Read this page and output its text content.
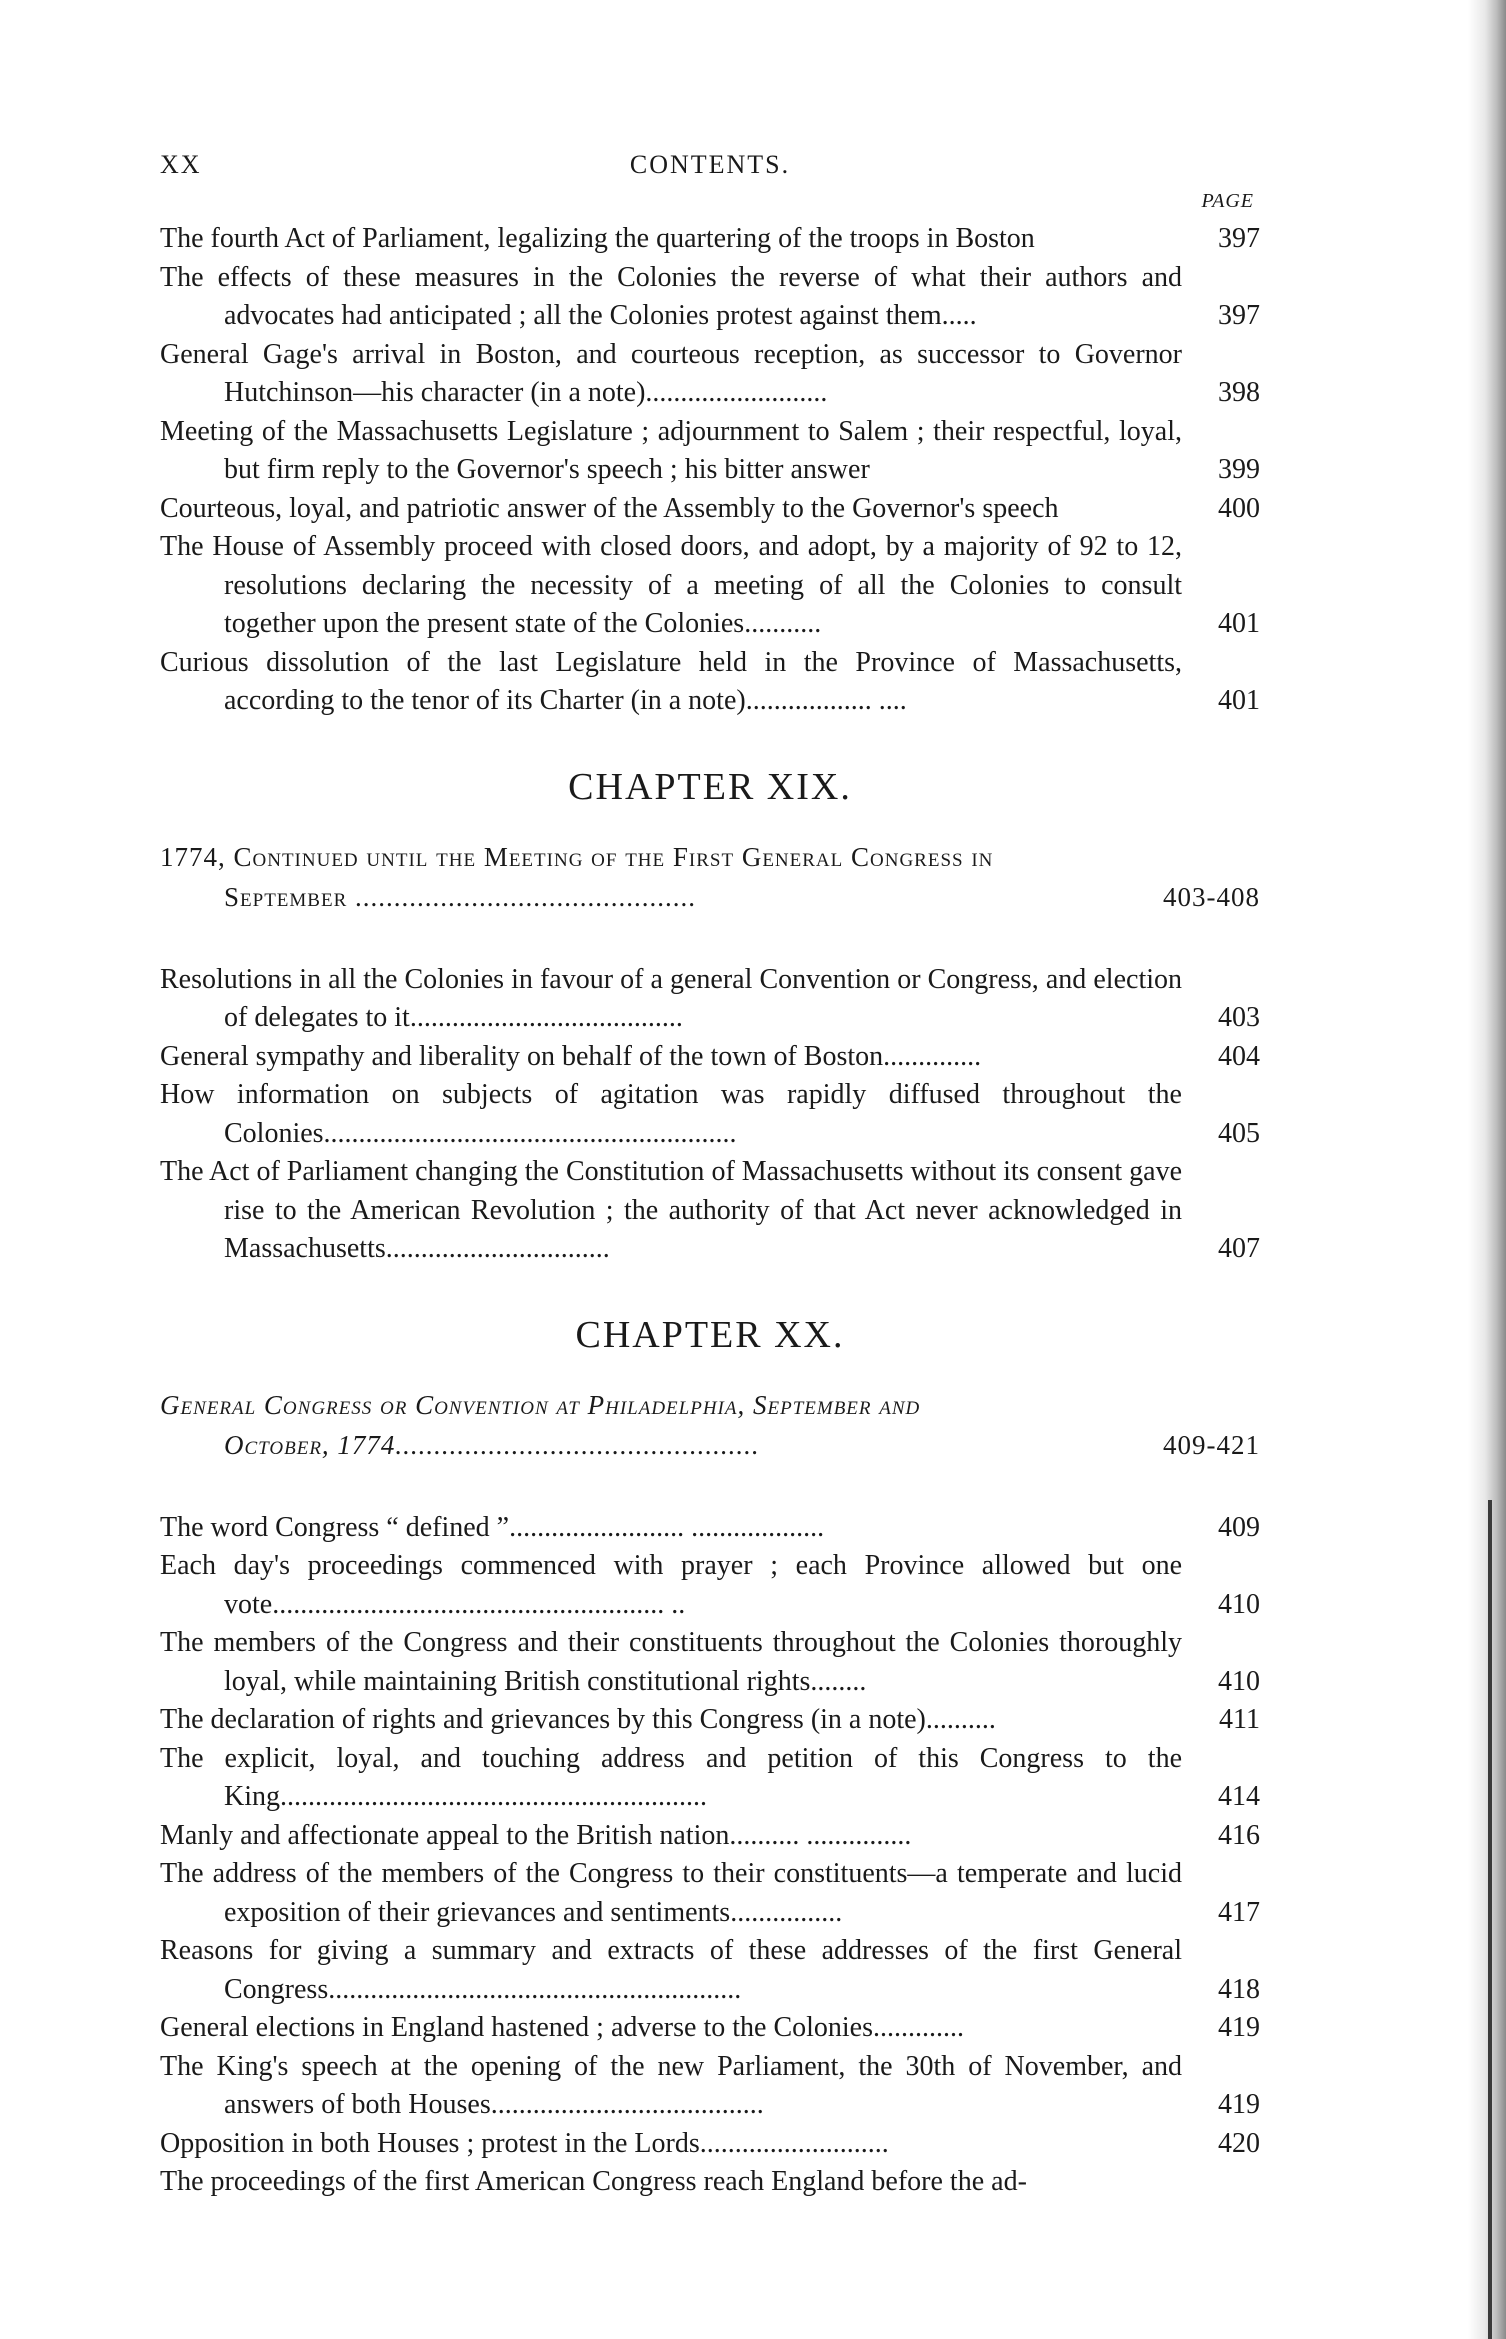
XX	CONTENTS.
PAGE
The fourth Act of Parliament, legalizing the quartering of the troops in Boston	397
The effects of these measures in the Colonies the reverse of what their authors and advocates had anticipated ; all the Colonies protest against them.....	397
General Gage's arrival in Boston, and courteous reception, as successor to Governor Hutchinson—his character (in a note)..........................	398
Meeting of the Massachusetts Legislature ; adjournment to Salem ; their respectful, loyal, but firm reply to the Governor's speech ; his bitter answer	399
Courteous, loyal, and patriotic answer of the Assembly to the Governor's speech	400
The House of Assembly proceed with closed doors, and adopt, by a majority of 92 to 12, resolutions declaring the necessity of a meeting of all the Colonies to consult together upon the present state of the Colonies...........	401
Curious dissolution of the last Legislature held in the Province of Massachusetts, according to the tenor of its Charter (in a note).................. ....	401
CHAPTER XIX.
1774, Continued until the Meeting of the First General Congress in September ............................................	403-408
Resolutions in all the Colonies in favour of a general Convention or Congress, and election of delegates to it.......................................	403
General sympathy and liberality on behalf of the town of Boston..............	404
How information on subjects of agitation was rapidly diffused throughout the Colonies...........................................................	405
The Act of Parliament changing the Constitution of Massachusetts without its consent gave rise to the American Revolution ; the authority of that Act never acknowledged in Massachusetts................................	407
CHAPTER XX.
General Congress or Convention at Philadelphia, September and October, 1774...............................................	409-421
The word Congress “ defined ”......................... ...................	409
Each day's proceedings commenced with prayer ; each Province allowed but one vote........................................................ ..	410
The members of the Congress and their constituents throughout the Colonies thoroughly loyal, while maintaining British constitutional rights........	410
The declaration of rights and grievances by this Congress (in a note)..........	411
The explicit, loyal, and touching address and petition of this Congress to the King.............................................................	414
Manly and affectionate appeal to the British nation.......... ...............	416
The address of the members of the Congress to their constituents—a temperate and lucid exposition of their grievances and sentiments................	417
Reasons for giving a summary and extracts of these addresses of the first General Congress...........................................................	418
General elections in England hastened ; adverse to the Colonies.............	419
The King's speech at the opening of the new Parliament, the 30th of November, and answers of both Houses.......................................	419
Opposition in both Houses ; protest in the Lords...........................	420
The proceedings of the first American Congress reach England before the ad-
